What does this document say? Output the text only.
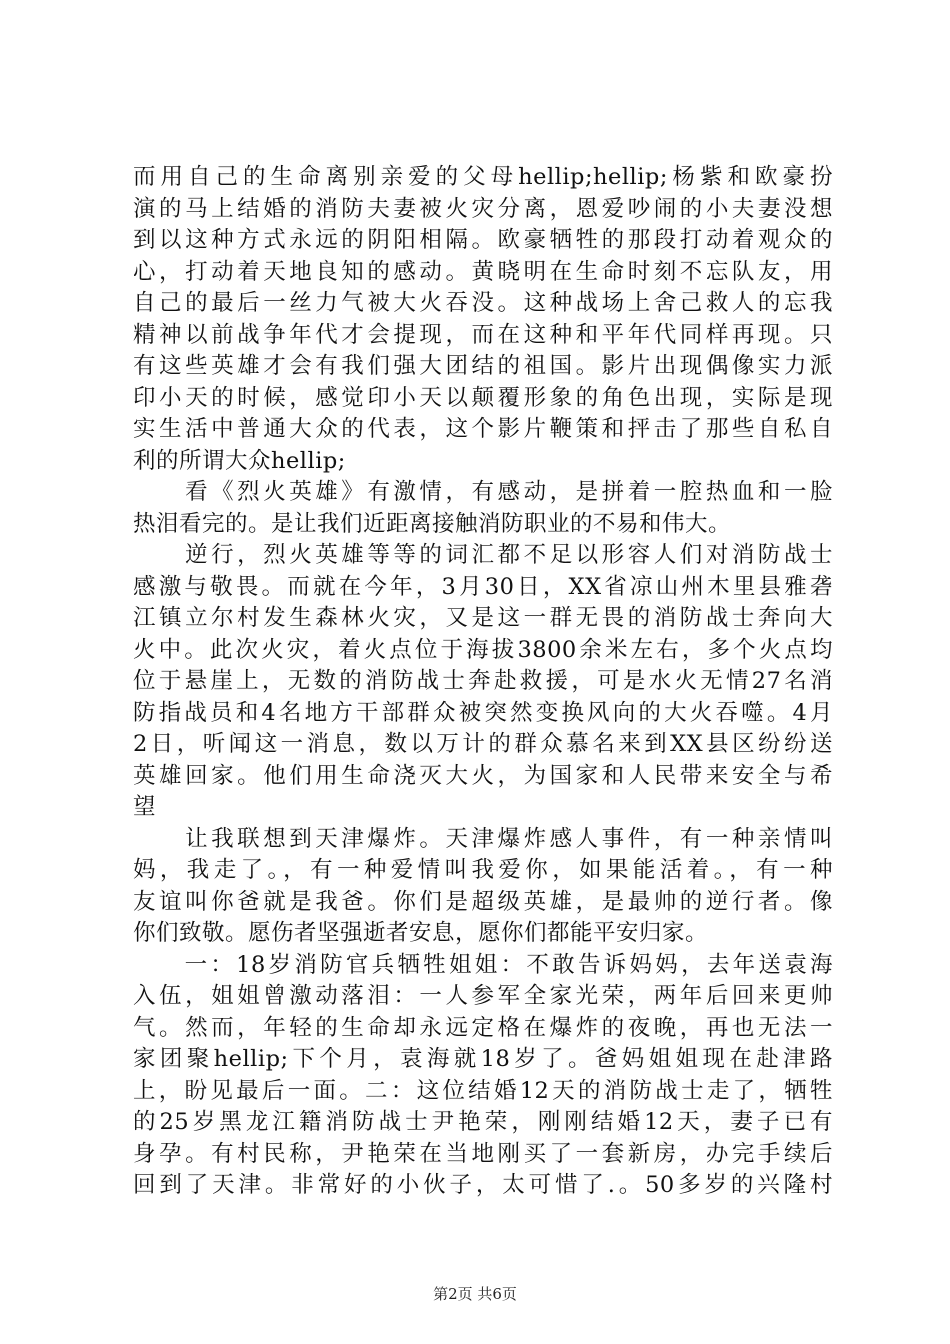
而用自己的生命离别亲爱的父母hellip;hellip;杨紫和欧豪扮
演的马上结婚的消防夫妻被火灾分离，恩爱吵闹的小夫妻没想
到以这种方式永远的阴阳相隔。欧豪牺牲的那段打动着观众的
心，打动着天地良知的感动。黄晓明在生命时刻不忘队友，用
自己的最后一丝力气被大火吞没。这种战场上舍己救人的忘我
精神以前战争年代才会提现，而在这种和平年代同样再现。只
有这些英雄才会有我们强大团结的祖国。影片出现偶像实力派
印小天的时候，感觉印小天以颠覆形象的角色出现，实际是现
实生活中普通大众的代表，这个影片鞭策和抨击了那些自私自
利的所谓大众hellip;
　　看《烈火英雄》有激情，有感动，是拼着一腔热血和一脸
热泪看完的。是让我们近距离接触消防职业的不易和伟大。
　　逆行，烈火英雄等等的词汇都不足以形容人们对消防战士
感激与敬畏。而就在今年，3月30日，XX省凉山州木里县雅砻
江镇立尔村发生森林火灾，又是这一群无畏的消防战士奔向大
火中。此次火灾，着火点位于海拔3800余米左右，多个火点均
位于悬崖上，无数的消防战士奔赴救援，可是水火无情27名消
防指战员和4名地方干部群众被突然变换风向的大火吞噬。4月
2日，听闻这一消息，数以万计的群众慕名来到XX县区纷纷送
英雄回家。他们用生命浇灭大火，为国家和人民带来安全与希
望
　　让我联想到天津爆炸。天津爆炸感人事件，有一种亲情叫
妈，我走了。，有一种爱情叫我爱你，如果能活着。，有一种
友谊叫你爸就是我爸。你们是超级英雄，是最帅的逆行者。像
你们致敬。愿伤者坚强逝者安息，愿你们都能平安归家。
　　一：18岁消防官兵牺牲姐姐：不敢告诉妈妈，去年送袁海
入伍，姐姐曾激动落泪：一人参军全家光荣，两年后回来更帅
气。然而，年轻的生命却永远定格在爆炸的夜晚，再也无法一
家团聚hellip;下个月，袁海就18岁了。爸妈姐姐现在赴津路
上，盼见最后一面。二：这位结婚12天的消防战士走了，牺牲
的25岁黑龙江籍消防战士尹艳荣，刚刚结婚12天，妻子已有
身孕。有村民称，尹艳荣在当地刚买了一套新房，办完手续后
回到了天津。非常好的小伙子，太可惜了.。50多岁的兴隆村
第2页 共6页
